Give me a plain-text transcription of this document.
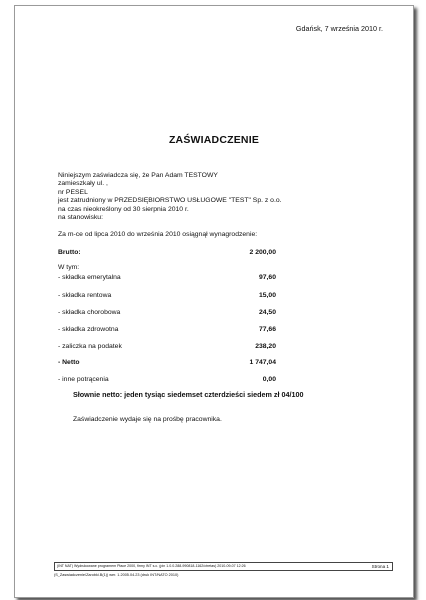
Gdańsk, 7 września 2010 r.
ZAŚWIADCZENIE
Niniejszym zaświadcza się, że Pan Adam TESTOWY
zamieszkały ul. ,
nr PESEL
jest zatrudniony w PRZEDSIĘBIORSTWO USŁUGOWE "TEST" Sp. z o.o.
na czas nieokreślony od 30 sierpnia 2010 r.
na stanowisku:
Za m-ce od lipca 2010 do września 2010 osiągnął wynagrodzenie:
Brutto:	2 200,00
W tym:
- składka emerytalna	97,60
- składka rentowa	15,00
- składka chorobowa	24,50
- składka zdrowotna	77,66
- zaliczka na podatek	238,20
- Netto	1 747,04
- inne potrącenia	0,00
Słownie netto: jeden tysiąc siedemset czterdzieści siedem zł 04/100
Zaświadczenie wydaje się na prośbę pracownika.
(INT NAT) Wydrukowane programem Płace 2000, firmy INT s.c. (pin 1.0.0.288-990818-1162/ctretas) 2010-09-07 12:26	Strona 1
(S_Zaswiadczenie/Zarobki.B(1)) wer. 1.2005.04.23 (druk INT/NATO 2010)
